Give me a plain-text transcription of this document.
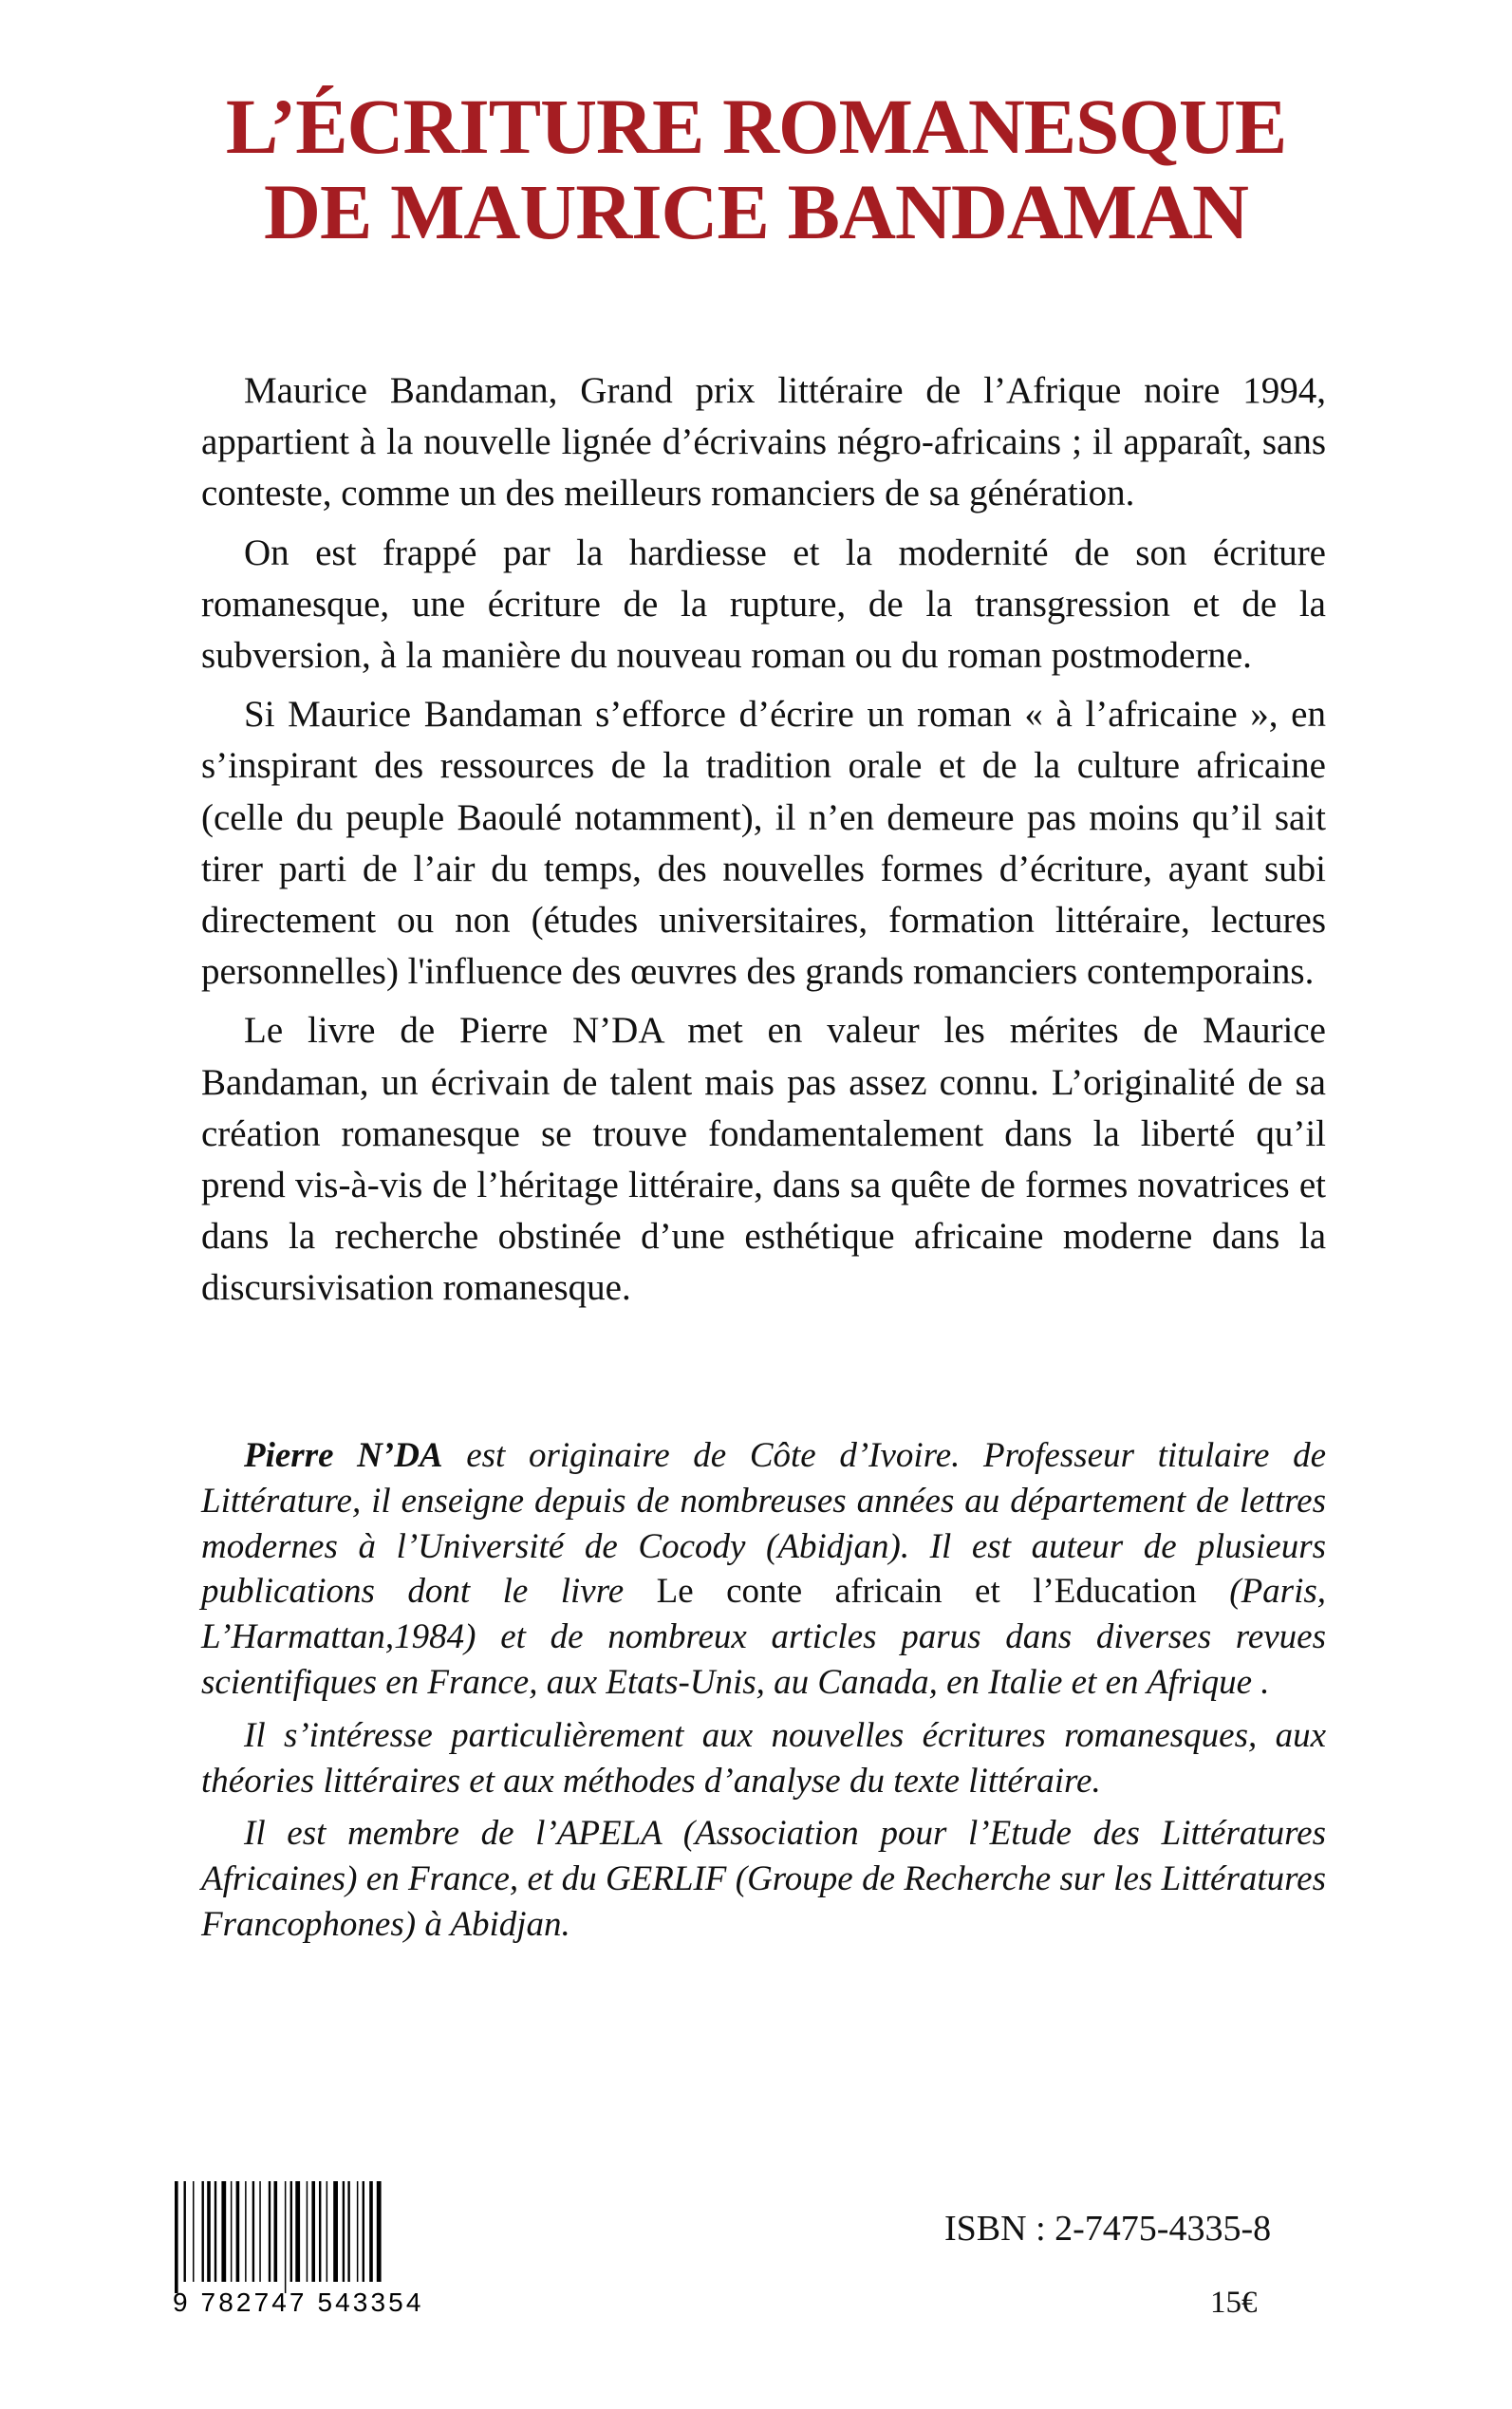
L’ÉCRITURE ROMANESQUE
DE MAURICE BANDAMAN

Maurice Bandaman, Grand prix littéraire de l’Afrique noire 1994, appartient à la nouvelle lignée d’écrivains négro-africains ; il apparaît, sans conteste, comme un des meilleurs romanciers de sa génération.

On est frappé par la hardiesse et la modernité de son écriture romanesque, une écriture de la rupture, de la transgression et de la subversion, à la manière du nouveau roman ou du roman postmoderne.

Si Maurice Bandaman s’efforce d’écrire un roman « à l’africaine », en s’inspirant des ressources de la tradition orale et de la culture africaine (celle du peuple Baoulé notamment), il n’en demeure pas moins qu’il sait tirer parti de l’air du temps, des nouvelles formes d’écriture, ayant subi directement ou non (études universitaires, formation littéraire, lectures personnelles) l'influence des œuvres des grands romanciers contemporains.

Le livre de Pierre N’DA met en valeur les mérites de Maurice Bandaman, un écrivain de talent mais pas assez connu. L’originalité de sa création romanesque se trouve fondamentalement dans la liberté qu’il prend vis-à-vis de l’héritage littéraire, dans sa quête de formes novatrices et dans la recherche obstinée d’une esthétique africaine moderne dans la discursivisation romanesque.

Pierre N’DA est originaire de Côte d’Ivoire. Professeur titulaire de Littérature, il enseigne depuis de nombreuses années au département de lettres modernes à l’Université de Cocody (Abidjan). Il est auteur de plusieurs publications dont le livre Le conte africain et l’Education (Paris, L’Harmattan,1984) et de nombreux articles parus dans diverses revues scientifiques en France, aux Etats-Unis, au Canada, en Italie et en Afrique .

Il s’intéresse particulièrement aux nouvelles écritures romanesques, aux théories littéraires et aux méthodes d’analyse du texte littéraire.

Il est membre de l’APELA (Association pour l’Etude des Littératures Africaines) en France, et du GERLIF (Groupe de Recherche sur les Littératures Francophones) à Abidjan.

9 782747 543354
ISBN : 2-7475-4335-8
15€
